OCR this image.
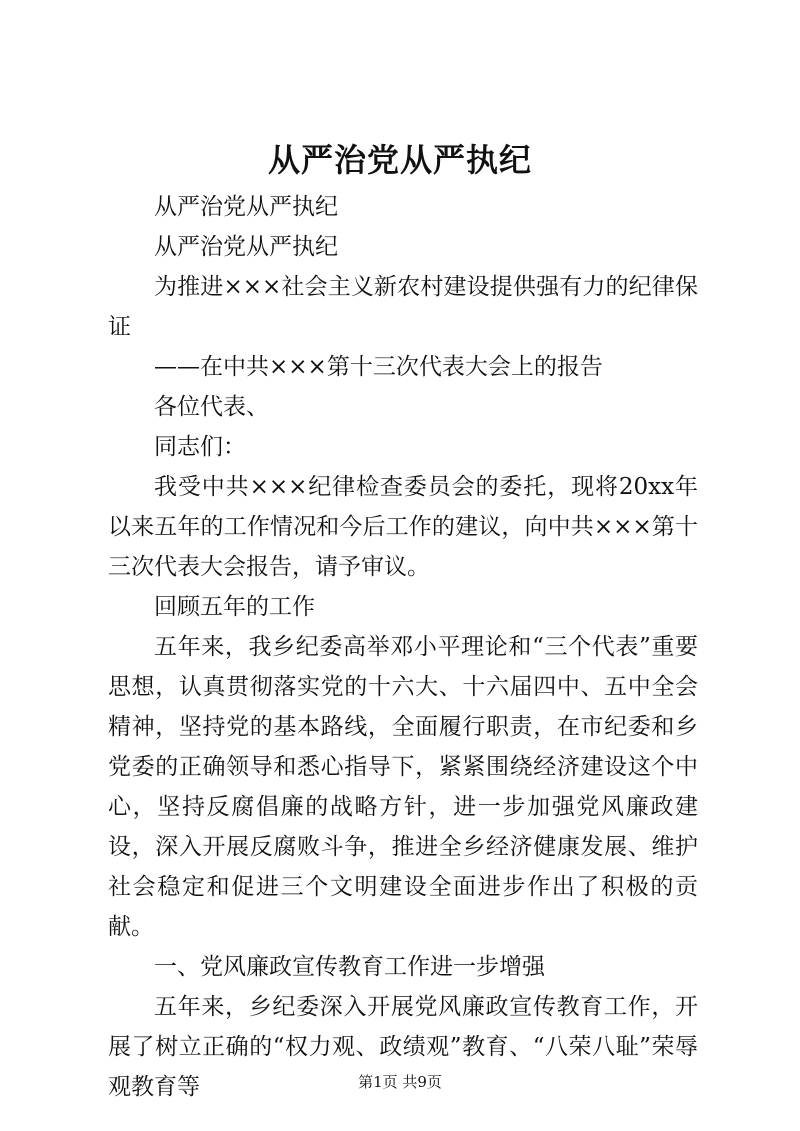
从严治党从严执纪

从严治党从严执纪

从严治党从严执纪

为推进×××社会主义新农村建设提供强有力的纪律保证

——在中共×××第十三次代表大会上的报告

各位代表、

同志们：

我受中共×××纪律检查委员会的委托，现将20xx年以来五年的工作情况和今后工作的建议，向中共×××第十三次代表大会报告，请予审议。

回顾五年的工作

五年来，我乡纪委高举邓小平理论和“三个代表”重要思想，认真贯彻落实党的十六大、十六届四中、五中全会精神，坚持党的基本路线，全面履行职责，在市纪委和乡党委的正确领导和悉心指导下，紧紧围绕经济建设这个中心，坚持反腐倡廉的战略方针，进一步加强党风廉政建设，深入开展反腐败斗争，推进全乡经济健康发展、维护社会稳定和促进三个文明建设全面进步作出了积极的贡献。

一、党风廉政宣传教育工作进一步增强

五年来，乡纪委深入开展党风廉政宣传教育工作，开展了树立正确的“权力观、政绩观”教育、“八荣八耻”荣辱观教育等	第1页 共9页
